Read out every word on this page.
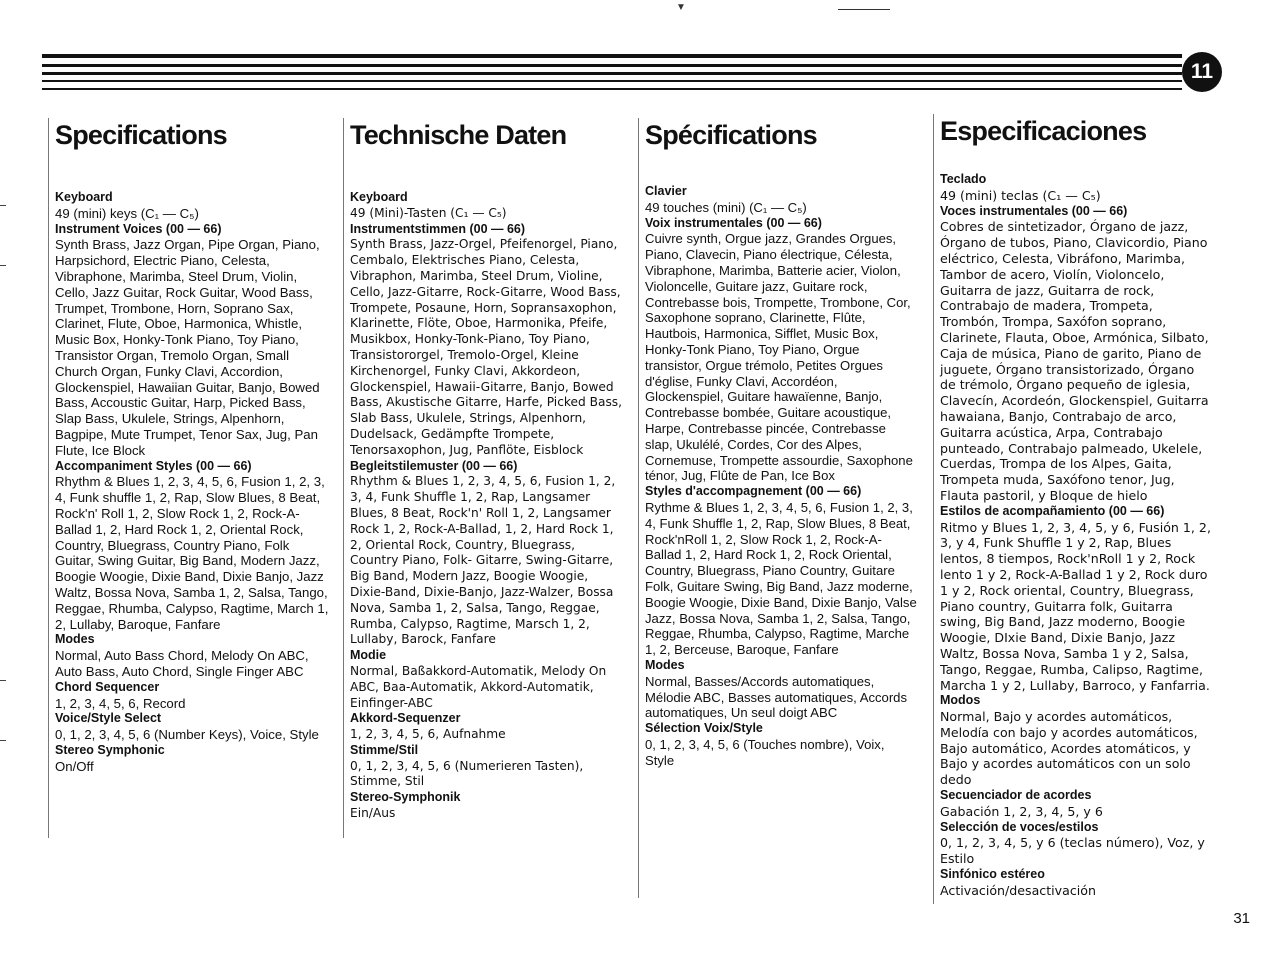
▼
11
Specifications
Keyboard
49 (mini) keys (C₁ — C₅)
Instrument Voices (00 — 66)
Synth Brass, Jazz Organ, Pipe Organ, Piano, Harpsichord, Electric Piano, Celesta, Vibraphone, Marimba, Steel Drum, Violin, Cello, Jazz Guitar, Rock Guitar, Wood Bass, Trumpet, Trombone, Horn, Soprano Sax, Clarinet, Flute, Oboe, Harmonica, Whistle, Music Box, Honky-Tonk Piano, Toy Piano, Transistor Organ, Tremolo Organ, Small Church Organ, Funky Clavi, Accordion, Glockenspiel, Hawaiian Guitar, Banjo, Bowed Bass, Accoustic Guitar, Harp, Picked Bass, Slap Bass, Ukulele, Strings, Alpenhorn, Bagpipe, Mute Trumpet, Tenor Sax, Jug, Pan Flute, Ice Block
Accompaniment Styles (00 — 66)
Rhythm & Blues 1, 2, 3, 4, 5, 6, Fusion 1, 2, 3, 4, Funk shuffle 1, 2, Rap, Slow Blues, 8 Beat, Rock'n' Roll 1, 2, Slow Rock 1, 2, Rock-A-Ballad 1, 2, Hard Rock 1, 2, Oriental Rock, Country, Bluegrass, Country Piano, Folk Guitar, Swing Guitar, Big Band, Modern Jazz, Boogie Woogie, Dixie Band, Dixie Banjo, Jazz Waltz, Bossa Nova, Samba 1, 2, Salsa, Tango, Reggae, Rhumba, Calypso, Ragtime, March 1, 2, Lullaby, Baroque, Fanfare
Modes
Normal, Auto Bass Chord, Melody On ABC, Auto Bass, Auto Chord, Single Finger ABC
Chord Sequencer
1, 2, 3, 4, 5, 6, Record
Voice/Style Select
0, 1, 2, 3, 4, 5, 6 (Number Keys), Voice, Style
Stereo Symphonic
On/Off
Technische Daten
Keyboard
49 (Mini)-Tasten (C₁ — C₅)
Instrumentstimmen (00 — 66)
Synth Brass, Jazz-Orgel, Pfeifenorgel, Piano, Cembalo, Elektrisches Piano, Celesta, Vibraphon, Marimba, Steel Drum, Violine, Cello, Jazz-Gitarre, Rock-Gitarre, Wood Bass, Trompete, Posaune, Horn, Sopransaxophon, Klarinette, Flöte, Oboe, Harmonika, Pfeife, Musikbox, Honky-Tonk-Piano, Toy Piano, Transistororgel, Tremolo-Orgel, Kleine Kirchenorgel, Funky Clavi, Akkordeon, Glockenspiel, Hawaii-Gitarre, Banjo, Bowed Bass, Akustische Gitarre, Harfe, Picked Bass, Slab Bass, Ukulele, Strings, Alpenhorn, Dudelsack, Gedämpfte Trompete, Tenorsaxophon, Jug, Panflöte, Eisblock
Begleitstilemuster (00 — 66)
Rhythm & Blues 1, 2, 3, 4, 5, 6, Fusion 1, 2, 3, 4, Funk Shuffle 1, 2, Rap, Langsamer Blues, 8 Beat, Rock'n' Roll 1, 2, Langsamer Rock 1, 2, Rock-A-Ballad, 1, 2, Hard Rock 1, 2, Oriental Rock, Country, Bluegrass, Country Piano, Folk- Gitarre, Swing-Gitarre, Big Band, Modern Jazz, Boogie Woogie, Dixie-Band, Dixie-Banjo, Jazz-Walzer, Bossa Nova, Samba 1, 2, Salsa, Tango, Reggae, Rumba, Calypso, Ragtime, Marsch 1, 2, Lullaby, Barock, Fanfare
Modie
Normal, Baßakkord-Automatik, Melody On ABC, Baa-Automatik, Akkord-Automatik, Einfinger-ABC
Akkord-Sequenzer
1, 2, 3, 4, 5, 6, Aufnahme
Stimme/Stil
0, 1, 2, 3, 4, 5, 6 (Numerieren Tasten), Stimme, Stil
Stereo-Symphonik
Ein/Aus
Spécifications
Clavier
49 touches (mini) (C₁ — C₅)
Voix instrumentales (00 — 66)
Cuivre synth, Orgue jazz, Grandes Orgues, Piano, Clavecin, Piano électrique, Célesta, Vibraphone, Marimba, Batterie acier, Violon, Violoncelle, Guitare jazz, Guitare rock, Contrebasse bois, Trompette, Trombone, Cor, Saxophone soprano, Clarinette, Flûte, Hautbois, Harmonica, Sifflet, Music Box, Honky-Tonk Piano, Toy Piano, Orgue transistor, Orgue trémolo, Petites Orgues d'église, Funky Clavi, Accordéon, Glockenspiel, Guitare hawaïenne, Banjo, Contrebasse bombée, Guitare acoustique, Harpe, Contrebasse pincée, Contrebasse slap, Ukulélé, Cordes, Cor des Alpes, Cornemuse, Trompette assourdie, Saxophone ténor, Jug, Flûte de Pan, Ice Box
Styles d'accompagnement (00 — 66)
Rythme & Blues 1, 2, 3, 4, 5, 6, Fusion 1, 2, 3, 4, Funk Shuffle 1, 2, Rap, Slow Blues, 8 Beat, Rock'nRoll 1, 2, Slow Rock 1, 2, Rock-A-Ballad 1, 2, Hard Rock 1, 2, Rock Oriental, Country, Bluegrass, Piano Country, Guitare Folk, Guitare Swing, Big Band, Jazz moderne, Boogie Woogie, Dixie Band, Dixie Banjo, Valse Jazz, Bossa Nova, Samba 1, 2, Salsa, Tango, Reggae, Rhumba, Calypso, Ragtime, Marche 1, 2, Berceuse, Baroque, Fanfare
Modes
Normal, Basses/Accords automatiques, Mélodie ABC, Basses automatiques, Accords automatiques, Un seul doigt ABC
Sélection Voix/Style
0, 1, 2, 3, 4, 5, 6 (Touches nombre), Voix, Style
Especificaciones
Teclado
49 (mini) teclas (C₁ — C₅)
Voces instrumentales (00 — 66)
Cobres de sintetizador, Órgano de jazz, Órgano de tubos, Piano, Clavicordio, Piano eléctrico, Celesta, Vibráfono, Marimba, Tambor de acero, Violín, Violoncelo, Guitarra de jazz, Guitarra de rock, Contrabajo de madera, Trompeta, Trombón, Trompa, Saxófon soprano, Clarinete, Flauta, Oboe, Armónica, Silbato, Caja de música, Piano de garito, Piano de juguete, Órgano transistorizado, Órgano de trémolo, Órgano pequeño de iglesia, Clavecín, Acordeón, Glockenspiel, Guitarra hawaiana, Banjo, Contrabajo de arco, Guitarra acústica, Arpa, Contrabajo punteado, Contrabajo palmeado, Ukelele, Cuerdas, Trompa de los Alpes, Gaita, Trompeta muda, Saxófono tenor, Jug, Flauta pastoril, y Bloque de hielo
Estilos de acompañamiento (00 — 66)
Ritmo y Blues 1, 2, 3, 4, 5, y 6, Fusión 1, 2, 3, y 4, Funk Shuffle 1 y 2, Rap, Blues lentos, 8 tiempos, Rock'nRoll 1 y 2, Rock lento 1 y 2, Rock-A-Ballad 1 y 2, Rock duro 1 y 2, Rock oriental, Country, Bluegrass, Piano country, Guitarra folk, Guitarra swing, Big Band, Jazz moderno, Boogie Woogie, DIxie Band, Dixie Banjo, Jazz Waltz, Bossa Nova, Samba 1 y 2, Salsa, Tango, Reggae, Rumba, Calipso, Ragtime, Marcha 1 y 2, Lullaby, Barroco, y Fanfarria.
Modos
Normal, Bajo y acordes automáticos, Melodía con bajo y acordes automáticos, Bajo automático, Acordes atomáticos, y Bajo y acordes automáticos con un solo dedo
Secuenciador de acordes
Gabación 1, 2, 3, 4, 5, y 6
Selección de voces/estilos
0, 1, 2, 3, 4, 5, y 6 (teclas número), Voz, y Estilo
Sinfónico estéreo
Activación/desactivación
31
